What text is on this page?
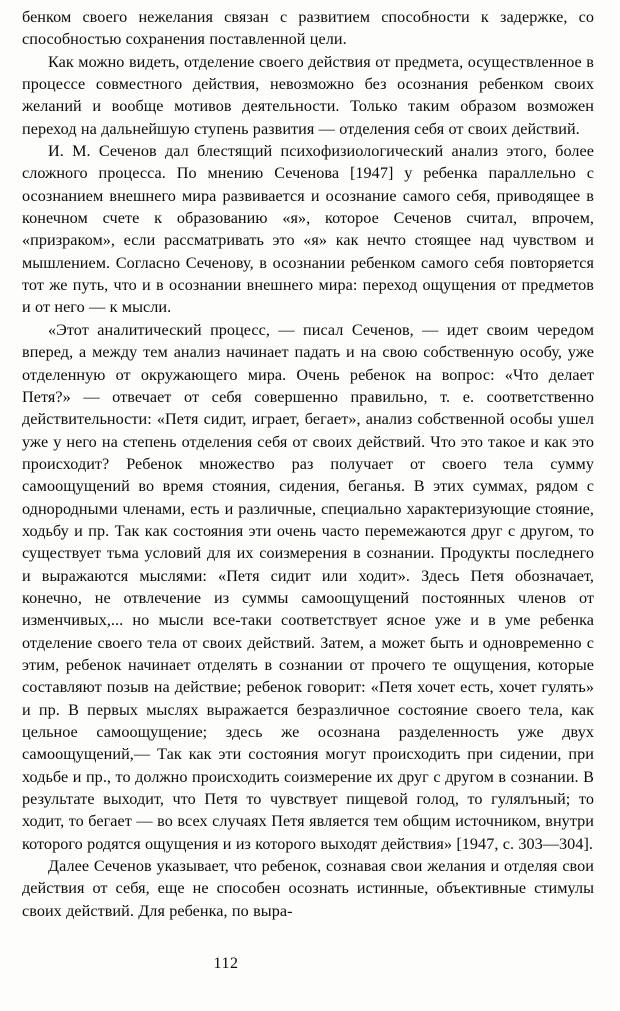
бенком своего нежелания связан с развитием способности к задержке, со способностью сохранения поставленной цели.

Как можно видеть, отделение своего действия от предмета, осуществленное в процессе совместного действия, невозможно без осознания ребенком своих желаний и вообще мотивов деятельности. Только таким образом возможен переход на дальнейшую ступень развития — отделения себя от своих действий.

И. М. Сеченов дал блестящий психофизиологический анализ этого, более сложного процесса. По мнению Сеченова [1947] у ребенка параллельно с осознанием внешнего мира развивается и осознание самого себя, приводящее в конечном счете к образованию «я», которое Сеченов считал, впрочем, «призраком», если рассматривать это «я» как нечто стоящее над чувством и мышлением. Согласно Сеченову, в осознании ребенком самого себя повторяется тот же путь, что и в осознании внешнего мира: переход ощущения от предметов и от него — к мысли.

«Этот аналитический процесс, — писал Сеченов, — идет своим чередом вперед, а между тем анализ начинает падать и на свою собственную особу, уже отделенную от окружающего мира. Очень ребенок на вопрос: «Что делает Петя?» — отвечает от себя совершенно правильно, т. е. соответственно действительности: «Петя сидит, играет, бегает», анализ собственной особы ушел уже у него на степень отделения себя от своих действий. Что это такое и как это происходит? Ребенок множество раз получает от своего тела сумму самоощущений во время стояния, сидения, беганья. В этих суммах, рядом с однородными членами, есть и различные, специально характеризующие стояние, ходьбу и пр. Так как состояния эти очень часто перемежаются друг с другом, то существует тьма условий для их соизмерения в сознании. Продукты последнего и выражаются мыслями: «Петя сидит или ходит». Здесь Петя обозначает, конечно, не отвлечение из суммы самоощущений постоянных членов от изменчивых,... но мысли все-таки соответствует ясное уже и в уме ребенка отделение своего тела от своих действий. Затем, а может быть и одновременно с этим, ребенок начинает отделять в сознании от прочего те ощущения, которые составляют позыв на действие; ребенок говорит: «Петя хочет есть, хочет гулять» и пр. В первых мыслях выражается безразличное состояние своего тела, как цельное самоощущение; здесь же осознана разделенность уже двух самоощущений,— Так как эти состояния могут происходить при сидении, при ходьбе и пр., то должно происходить соизмерение их друг с другом в сознании. В результате выходит, что Петя то чувствует пищевой голод, то гулялъный; то ходит, то бегает — во всех случаях Петя является тем общим источником, внутри которого родятся ощущения и из которого выходят действия» [1947, с. 303—304].

Далее Сеченов указывает, что ребенок, сознавая свои желания и отделяя свои действия от себя, еще не способен осознать истинные, объективные стимулы своих действий. Для ребенка, по выра-

112
